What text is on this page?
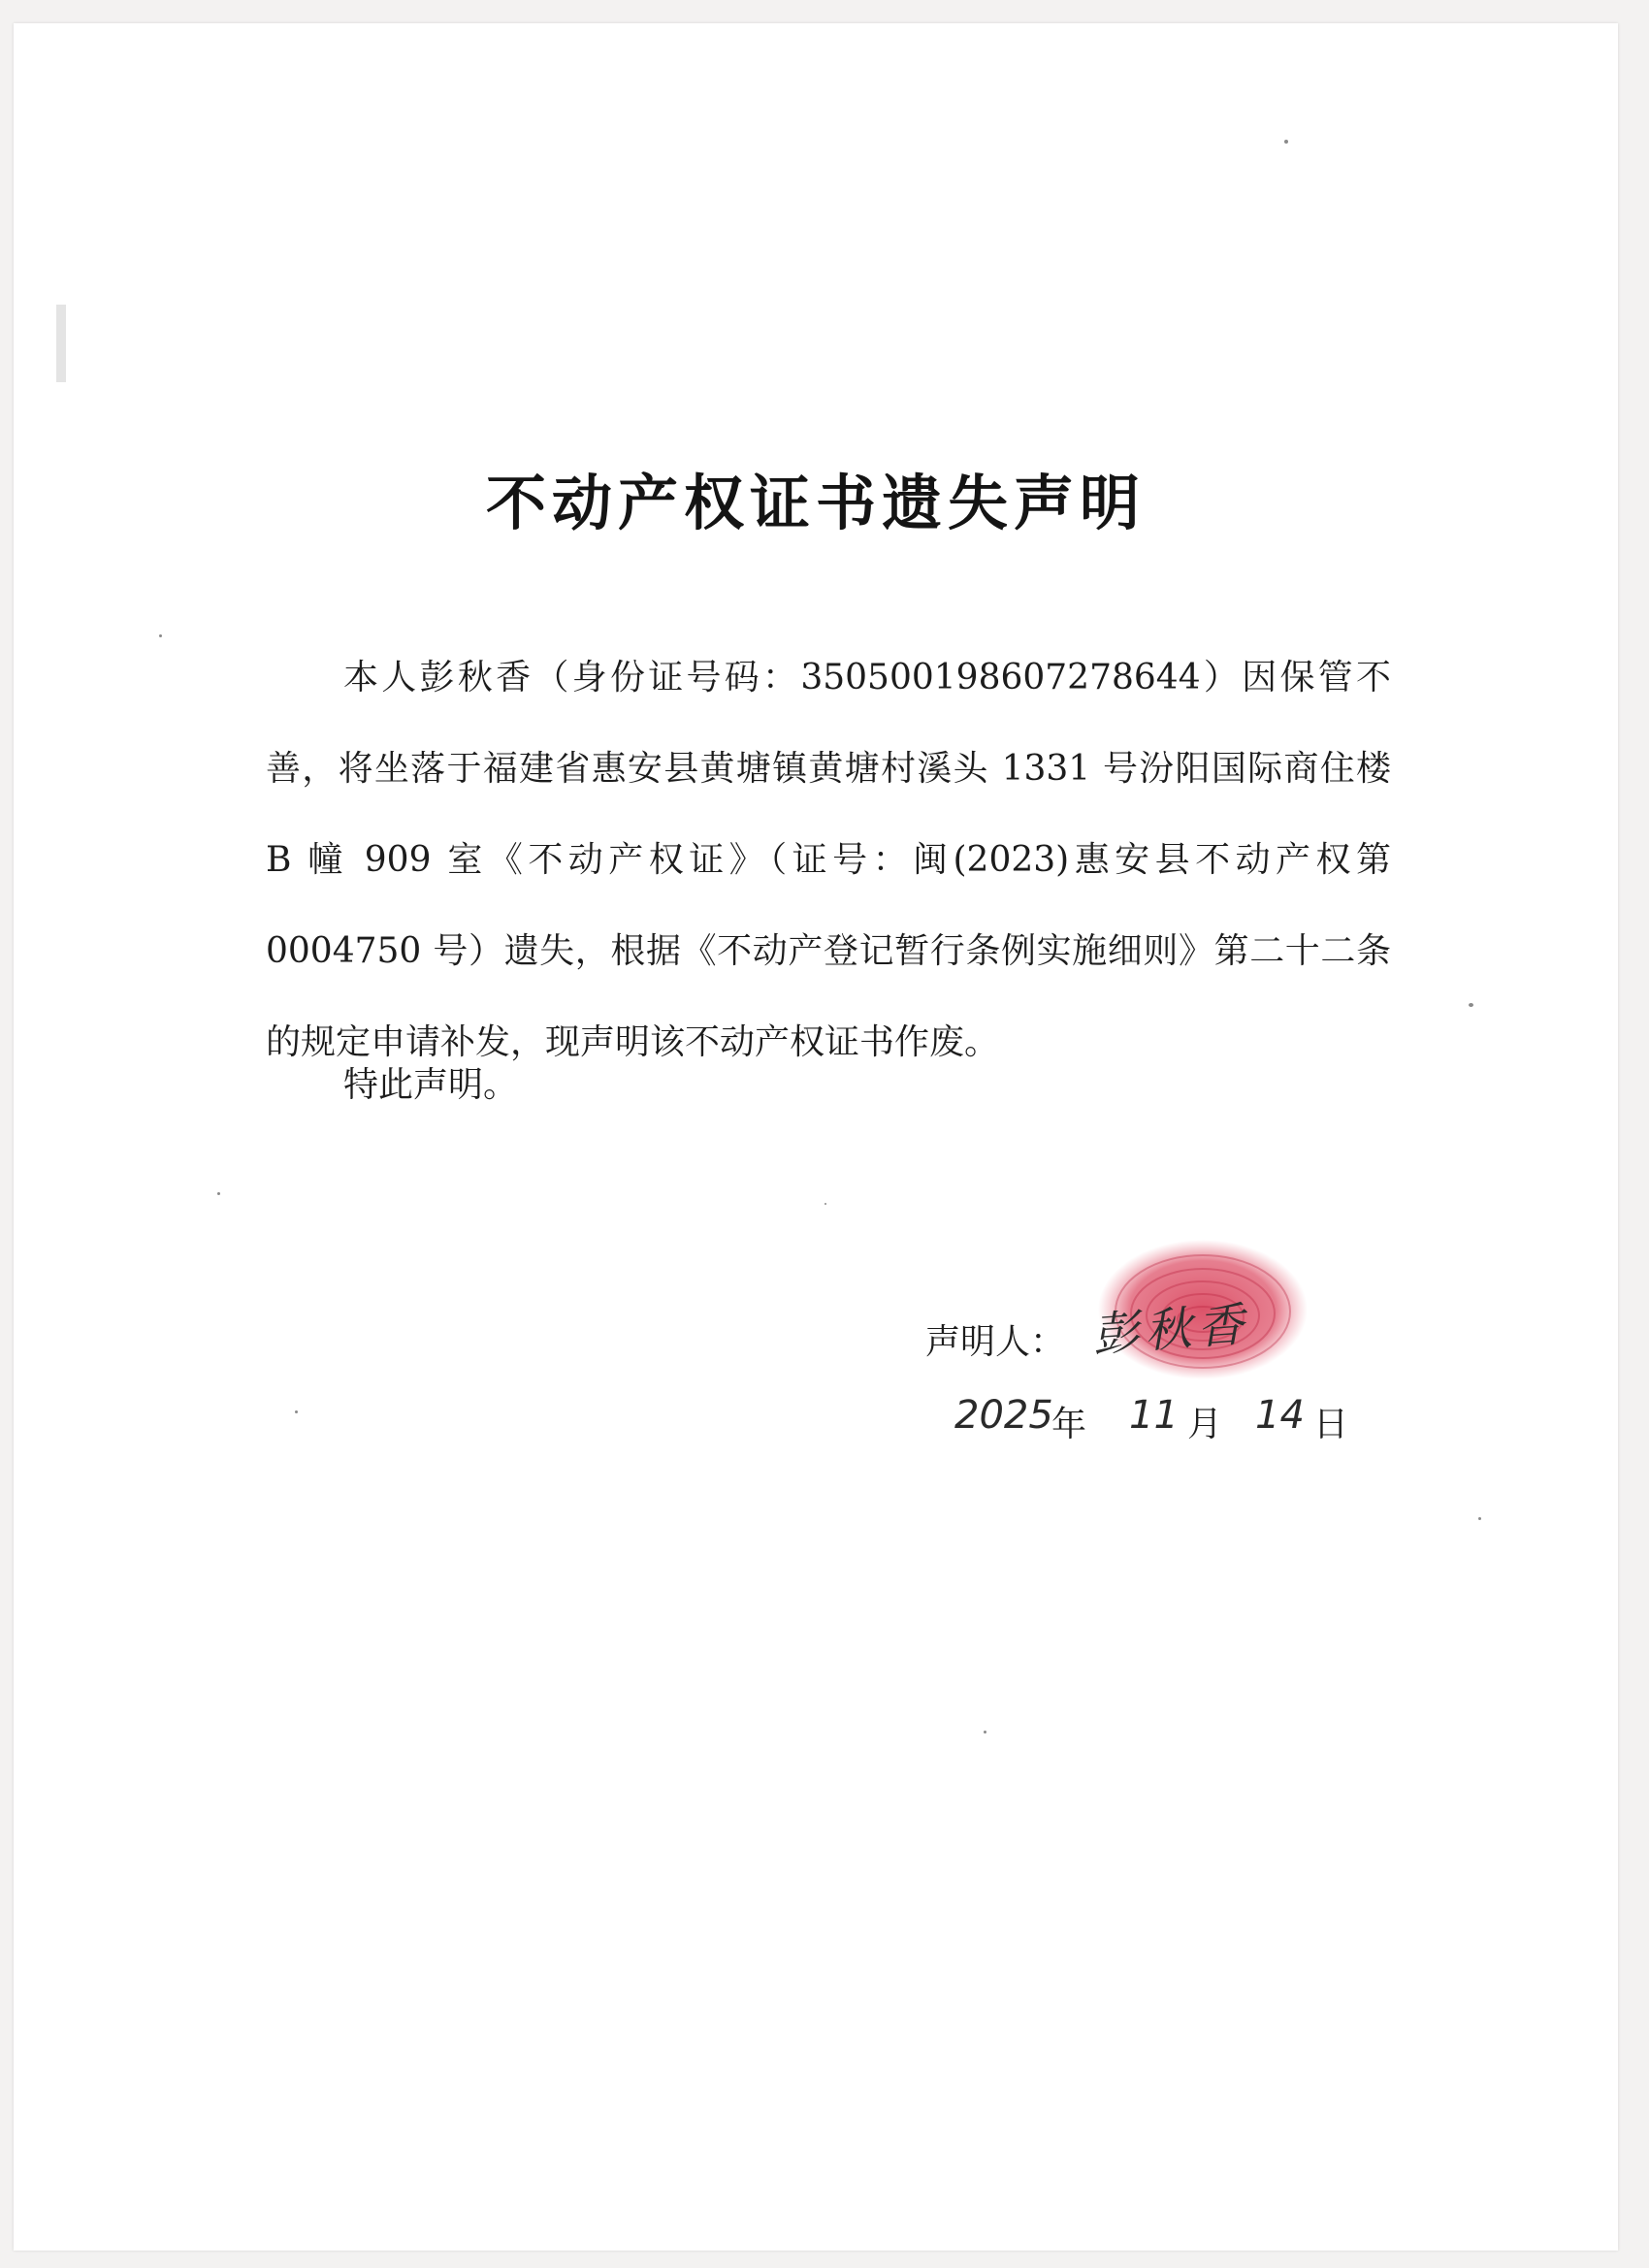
不动产权证书遗失声明

本人彭秋香（身份证号码：350500198607278644）因保管不善，将坐落于福建省惠安县黄塘镇黄塘村溪头 1331 号汾阳国际商住楼 B 幢 909 室《不动产权证》（证号：闽(2023)惠安县不动产权第 0004750 号）遗失，根据《不动产登记暂行条例实施细则》第二十二条的规定申请补发，现声明该不动产权证书作废。

特此声明。

声明人： 彭秋香
2025
年 11 月 14 日
